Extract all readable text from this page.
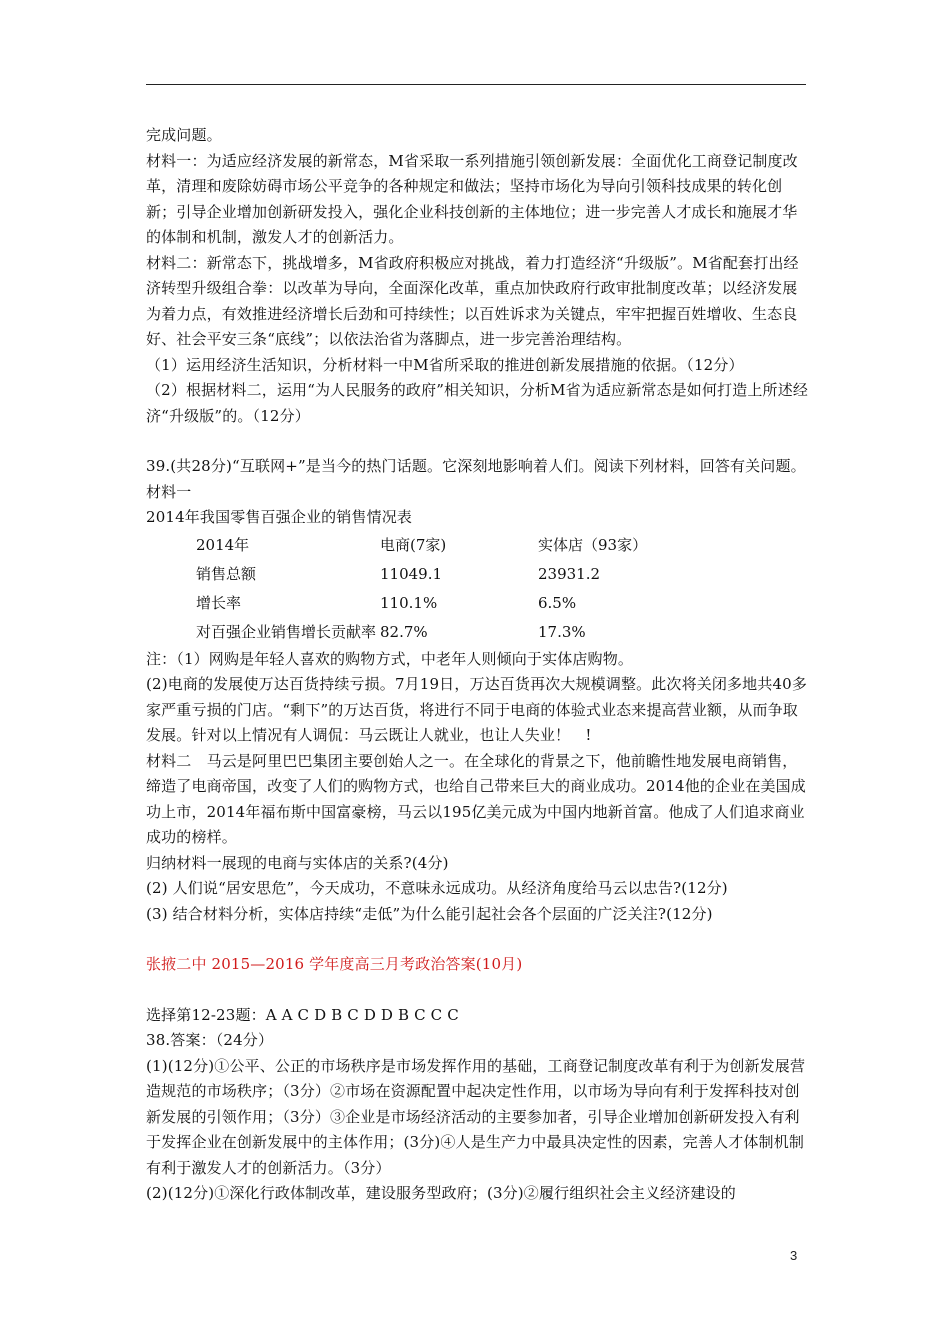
完成问题。

材料一：为适应经济发展的新常态，M省采取一系列措施引领创新发展：全面优化工商登记制度改革，清理和废除妨碍市场公平竞争的各种规定和做法；坚持市场化为导向引领科技成果的转化创新；引导企业增加创新研发投入，强化企业科技创新的主体地位；进一步完善人才成长和施展才华的体制和机制，激发人才的创新活力。

材料二：新常态下，挑战增多，M省政府积极应对挑战，着力打造经济“升级版”。M省配套打出经济转型升级组合拳：以改革为导向，全面深化改革，重点加快政府行政审批制度改革；以经济发展为着力点，有效推进经济增长后劲和可持续性；以百姓诉求为关键点，牢牢把握百姓增收、生态良好、社会平安三条“底线”；以依法治省为落脚点，进一步完善治理结构。

（1）运用经济生活知识，分析材料一中M省所采取的推进创新发展措施的依据。（12分）

（2）根据材料二，运用“为人民服务的政府”相关知识，分析M省为适应新常态是如何打造上所述经济“升级版”的。（12分）

39.(共28分)“互联网+”是当今的热门话题。它深刻地影响着人们。阅读下列材料，回答有关问题。

材料一

2014年我国零售百强企业的销售情况表

2014年	电商(7家)	实体店（93家）
销售总额	11049.1	23931.2
增长率	110.1%	6.5%
对百强企业销售增长贡献率 82.7%	17.3%

注：（1）网购是年轻人喜欢的购物方式，中老年人则倾向于实体店购物。

(2)电商的发展使万达百货持续亏损。7月19日，万达百货再次大规模调整。此次将关闭多地共40多家严重亏损的门店。“剩下”的万达百货，将进行不同于电商的体验式业态来提高营业额，从而争取发展。针对以上情况有人调侃：马云既让人就业，也让人失业！　!

材料二　马云是阿里巴巴集团主要创始人之一。在全球化的背景之下，他前瞻性地发展电商销售，缔造了电商帝国，改变了人们的购物方式，也给自己带来巨大的商业成功。2014他的企业在美国成功上市，2014年福布斯中国富豪榜，马云以195亿美元成为中国内地新首富。他成了人们追求商业成功的榜样。

归纳材料一展现的电商与实体店的关系?(4分)

(2) 人们说“居安思危”，今天成功，不意味永远成功。从经济角度给马云以忠告?(12分)

(3) 结合材料分析，实体店持续“走低”为什么能引起社会各个层面的广泛关注?(12分)

张掖二中 2015—2016 学年度高三月考政治答案(10月)

选择第12-23题：A A C D B C D D B C C C

38.答案：（24分）

(1)(12分)①公平、公正的市场秩序是市场发挥作用的基础，工商登记制度改革有利于为创新发展营造规范的市场秩序；（3分）②市场在资源配置中起决定性作用，以市场为导向有利于发挥科技对创新发展的引领作用；（3分）③企业是市场经济活动的主要参加者，引导企业增加创新研发投入有利于发挥企业在创新发展中的主体作用；(3分)④人是生产力中最具决定性的因素，完善人才体制机制有利于激发人才的创新活力。（3分）

(2)(12分)①深化行政体制改革，建设服务型政府；(3分)②履行组织社会主义经济建设的

3
